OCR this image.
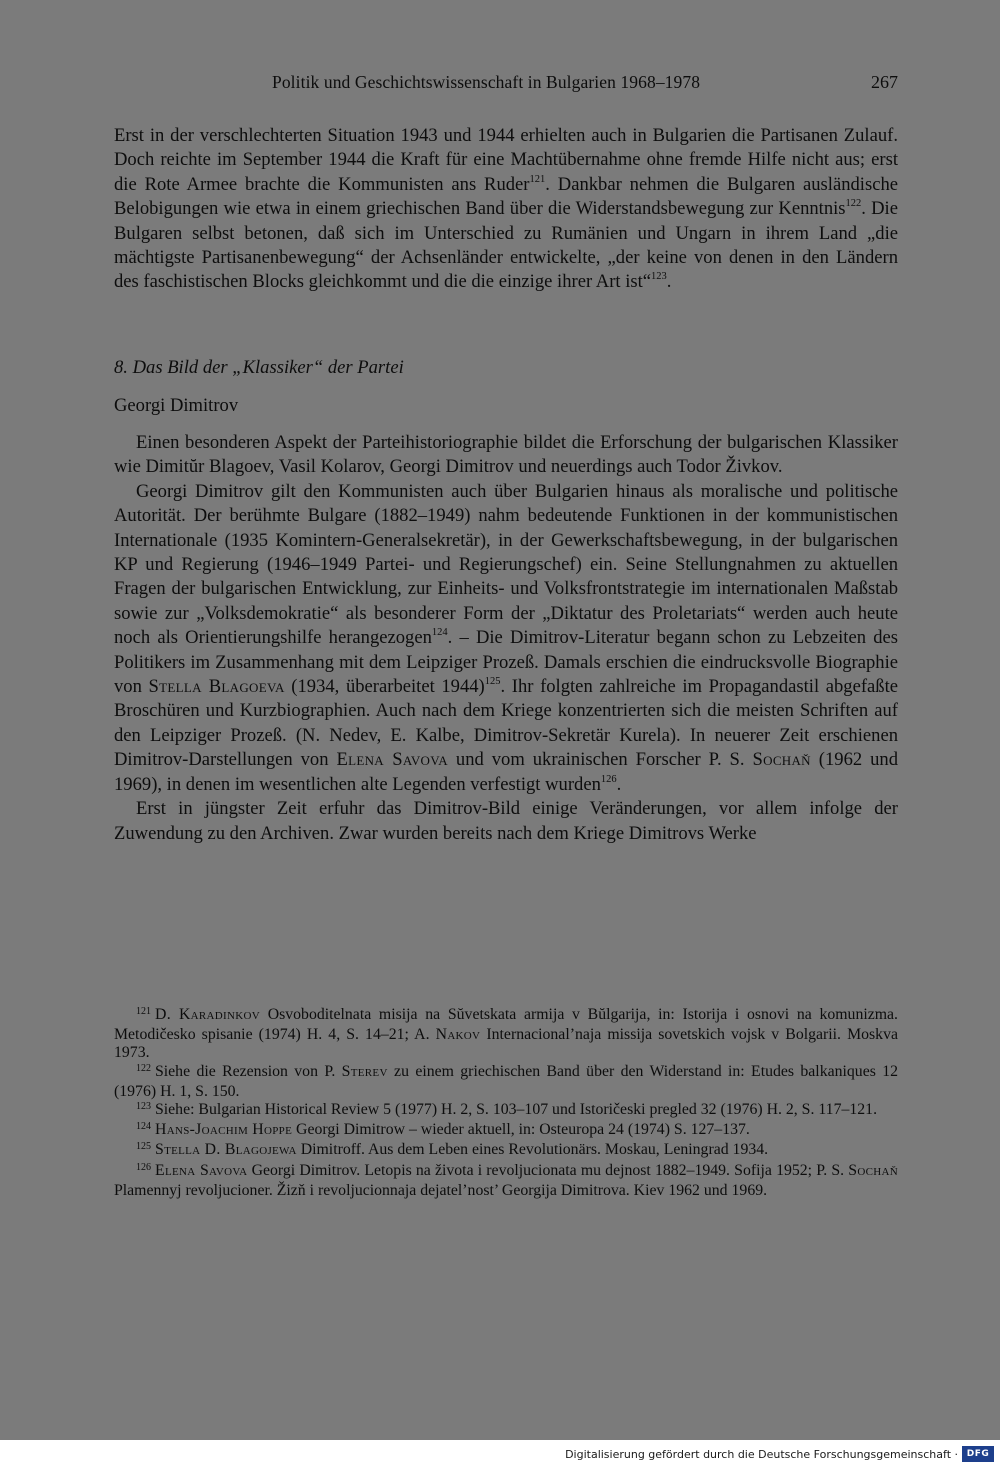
Politik und Geschichtswissenschaft in Bulgarien 1968–1978	267

Erst in der verschlechterten Situation 1943 und 1944 erhielten auch in Bulgarien die Partisanen Zulauf. Doch reichte im September 1944 die Kraft für eine Machtübernahme ohne fremde Hilfe nicht aus; erst die Rote Armee brachte die Kommunisten ans Ruder$^{121}$. Dankbar nehmen die Bulgaren ausländische Belobigungen wie etwa in einem griechischen Band über die Widerstandsbewegung zur Kenntnis$^{122}$. Die Bulgaren selbst betonen, daß sich im Unterschied zu Rumänien und Ungarn in ihrem Land „die mächtigste Partisanenbewegung“ der Achsenländer entwickelte, „der keine von denen in den Ländern des faschistischen Blocks gleichkommt und die die einzige ihrer Art ist“$^{123}$.

8. Das Bild der „Klassiker“ der Partei
Georgi Dimitrov

Einen besonderen Aspekt der Parteihistoriographie bildet die Erforschung der bulgarischen Klassiker wie Dimitŭr Blagoev, Vasil Kolarov, Georgi Dimitrov und neuerdings auch Todor Živkov.

Georgi Dimitrov gilt den Kommunisten auch über Bulgarien hinaus als moralische und politische Autorität. Der berühmte Bulgare (1882–1949) nahm bedeutende Funktionen in der kommunistischen Internationale (1935 Komintern-Generalsekretär), in der Gewerkschaftsbewegung, in der bulgarischen KP und Regierung (1946–1949 Partei- und Regierungschef) ein. Seine Stellungnahmen zu aktuellen Fragen der bulgarischen Entwicklung, zur Einheits- und Volksfrontstrategie im internationalen Maßstab sowie zur „Volksdemokratie“ als besonderer Form der „Diktatur des Proletariats“ werden auch heute noch als Orientierungshilfe herangezogen$^{124}$. – Die Dimitrov-Literatur begann schon zu Lebzeiten des Politikers im Zusammenhang mit dem Leipziger Prozeß. Damals erschien die eindrucksvolle Biographie von Stella Blagoeva (1934, überarbeitet 1944)$^{125}$. Ihr folgten zahlreiche im Propagandastil abgefaßte Broschüren und Kurzbiographien. Auch nach dem Kriege konzentrierten sich die meisten Schriften auf den Leipziger Prozeß. (N. Nedev, E. Kalbe, Dimitrov-Sekretär Kurela). In neuerer Zeit erschienen Dimitrov-Darstellungen von Elena Savova und vom ukrainischen Forscher P. S. Sochaň (1962 und 1969), in denen im wesentlichen alte Legenden verfestigt wurden$^{126}$.

Erst in jüngster Zeit erfuhr das Dimitrov-Bild einige Veränderungen, vor allem infolge der Zuwendung zu den Archiven. Zwar wurden bereits nach dem Kriege Dimitrovs Werke

$^{121}$ D. Karadinkov Osvoboditelnata misija na Sŭvetskata armija v Bŭlgarija, in: Istorija i osnovi na komunizma. Metodičesko spisanie (1974) H. 4, S. 14–21; A. Nakov Internacional’naja missija sovetskich vojsk v Bolgarii. Moskva 1973.

$^{122}$ Siehe die Rezension von P. Sterev zu einem griechischen Band über den Widerstand in: Etudes balkaniques 12 (1976) H. 1, S. 150.

$^{123}$ Siehe: Bulgarian Historical Review 5 (1977) H. 2, S. 103–107 und Istoričeski pregled 32 (1976) H. 2, S. 117–121.

$^{124}$ Hans-Joachim Hoppe Georgi Dimitrow – wieder aktuell, in: Osteuropa 24 (1974) S. 127–137.

$^{125}$ Stella D. Blagojewa Dimitroff. Aus dem Leben eines Revolutionärs. Moskau, Leningrad 1934.

$^{126}$ Elena Savova Georgi Dimitrov. Letopis na života i revoljucionata mu dejnost 1882–1949. Sofija 1952; P. S. Sochaň Plamennyj revoljucioner. Žizň i revoljucionnaja dejatel’nost’ Georgija Dimitrova. Kiev 1962 und 1969.

Digitalisierung gefördert durch die Deutsche Forschungsgemeinschaft · DFG
